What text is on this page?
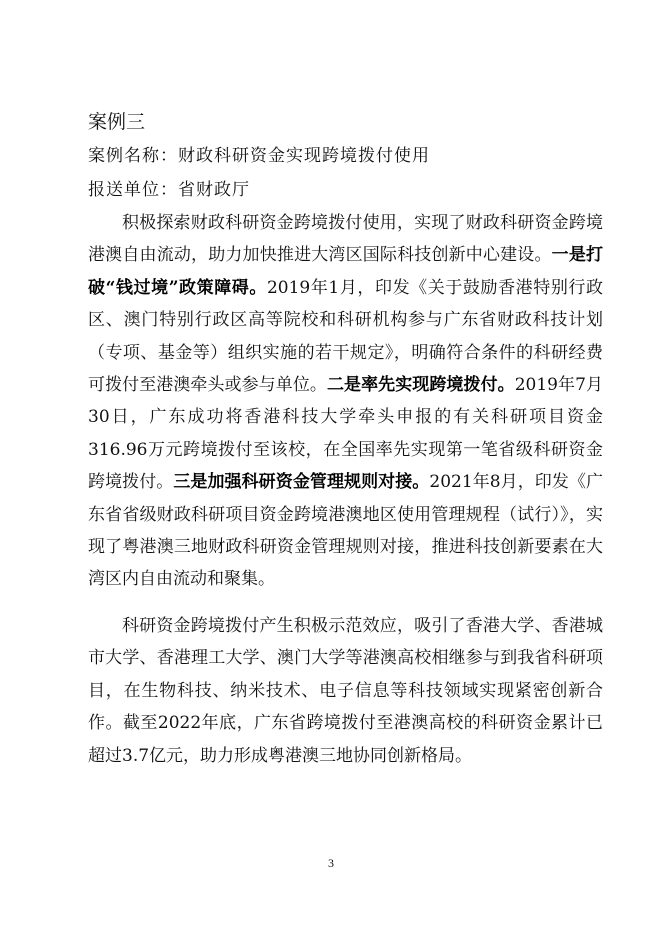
案例三
案例名称：财政科研资金实现跨境拨付使用
报送单位：省财政厅

积极探索财政科研资金跨境拨付使用，实现了财政科研资金跨境港澳自由流动，助力加快推进大湾区国际科技创新中心建设。一是打破“钱过境”政策障碍。2019年1月，印发《关于鼓励香港特别行政区、澳门特别行政区高等院校和科研机构参与广东省财政科技计划（专项、基金等）组织实施的若干规定》，明确符合条件的科研经费可拨付至港澳牵头或参与单位。二是率先实现跨境拨付。2019年7月30日，广东成功将香港科技大学牵头申报的有关科研项目资金316.96万元跨境拨付至该校，在全国率先实现第一笔省级科研资金跨境拨付。三是加强科研资金管理规则对接。2021年8月，印发《广东省省级财政科研项目资金跨境港澳地区使用管理规程（试行）》，实现了粤港澳三地财政科研资金管理规则对接，推进科技创新要素在大湾区内自由流动和聚集。

科研资金跨境拨付产生积极示范效应，吸引了香港大学、香港城市大学、香港理工大学、澳门大学等港澳高校相继参与到我省科研项目，在生物科技、纳米技术、电子信息等科技领域实现紧密创新合作。截至2022年底，广东省跨境拨付至港澳高校的科研资金累计已超过3.7亿元，助力形成粤港澳三地协同创新格局。

3
